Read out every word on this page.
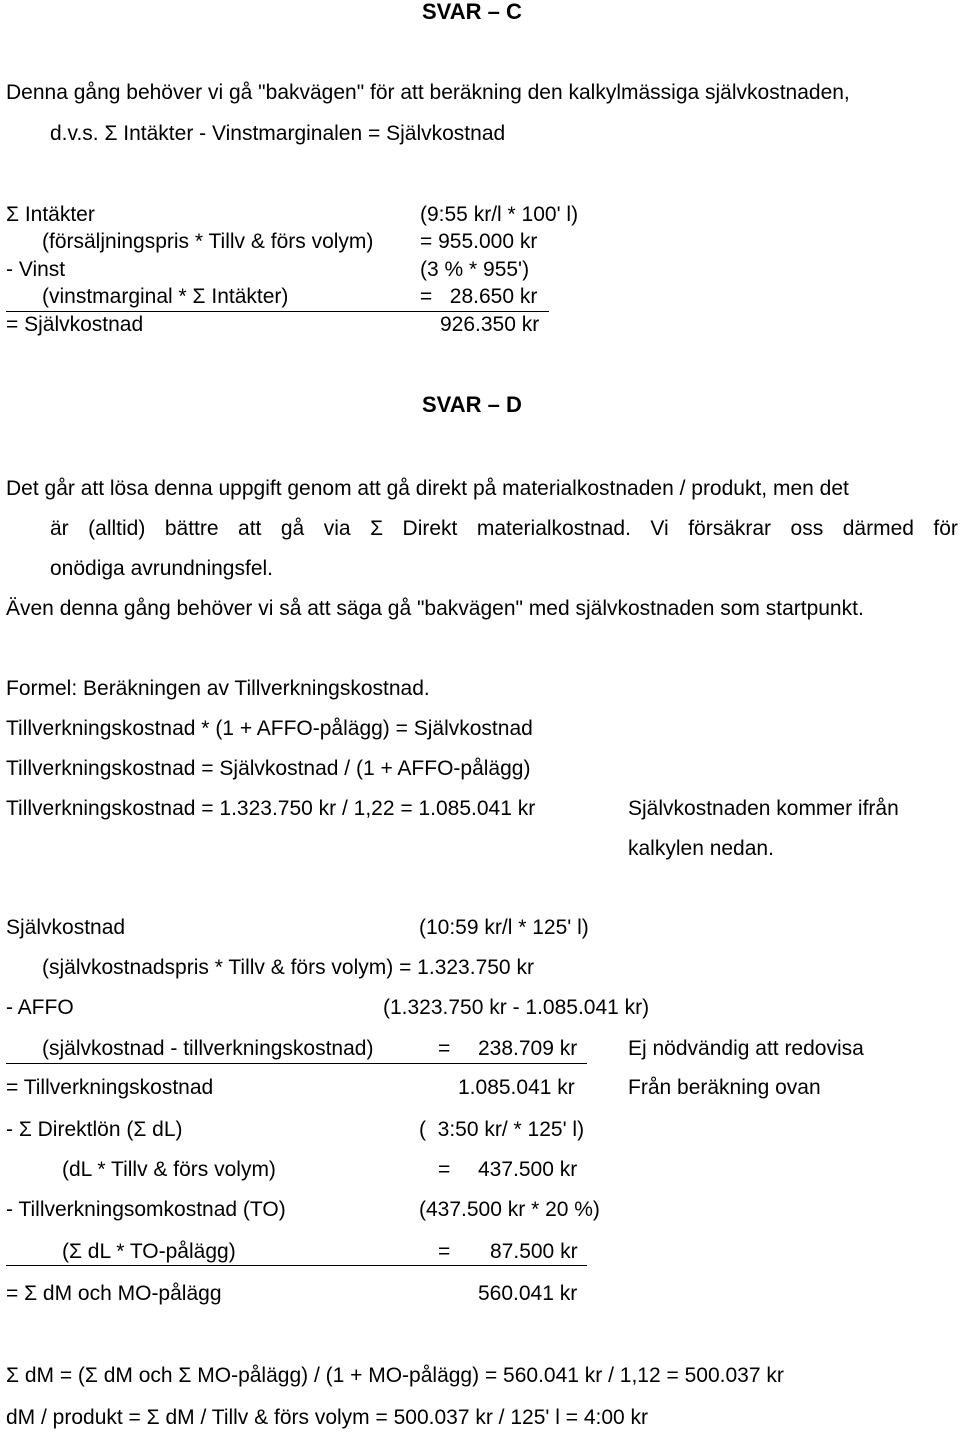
SVAR – C
Denna gång behöver vi gå "bakvägen" för att beräkning den kalkylmässiga självkostnaden,
d.v.s. Σ Intäkter - Vinstmarginalen = Självkostnad
Σ Intäkter	(9:55 kr/l * 100' l)
(försäljningspris * Tillv & förs volym) = 955.000 kr
- Vinst	(3 % * 955')
(vinstmarginal * Σ Intäkter)	=   28.650 kr
= Självkostnad	926.350 kr
SVAR – D
Det går att lösa denna uppgift genom att gå direkt på materialkostnaden / produkt, men det
är (alltid) bättre att gå via Σ Direkt materialkostnad. Vi försäkrar oss därmed för
onödiga avrundningsfel.
Även denna gång behöver vi så att säga gå "bakvägen" med självkostnaden som startpunkt.
Formel: Beräkningen av Tillverkningskostnad.
Tillverkningskostnad * (1 + AFFO-pålägg) = Självkostnad
Tillverkningskostnad = Självkostnad / (1 + AFFO-pålägg)
Tillverkningskostnad = 1.323.750 kr / 1,22 = 1.085.041 kr	Självkostnaden kommer ifrån
kalkylen nedan.
Självkostnad	(10:59 kr/l * 125' l)
(självkostnadspris * Tillv & förs volym) = 1.323.750 kr
- AFFO	(1.323.750 kr - 1.085.041 kr)
(självkostnad - tillverkningskostnad)	= 238.709 kr Ej nödvändig att redovisa
= Tillverkningskostnad	1.085.041 kr	Från beräkning ovan
- Σ Direktlön (Σ dL)	(  3:50 kr/ * 125' l)
(dL * Tillv & förs volym)	= 437.500 kr
- Tillverkningsomkostnad (TO)	(437.500 kr * 20 %)
(Σ dL * TO-pålägg)	= 87.500 kr
= Σ dM och MO-pålägg	560.041 kr
Σ dM = (Σ dM och Σ MO-pålägg) / (1 + MO-pålägg) = 560.041 kr / 1,12 = 500.037 kr
dM / produkt = Σ dM / Tillv & förs volym = 500.037 kr / 125' l = 4:00 kr
